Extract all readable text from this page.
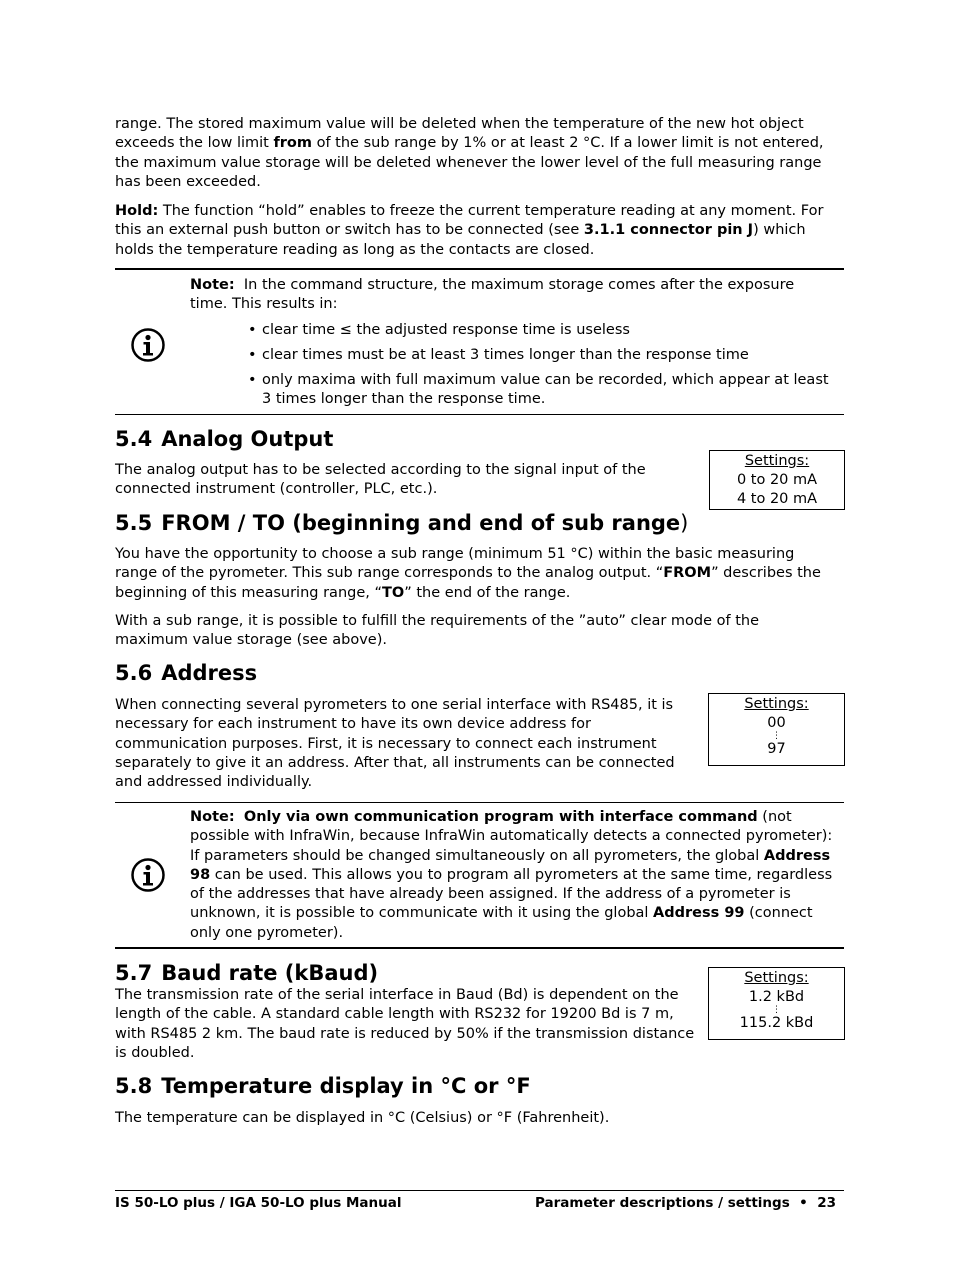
range. The stored maximum value will be deleted when the temperature of the new hot object exceeds the low limit from of the sub range by 1% or at least 2 °C. If a lower limit is not entered, the maximum value storage will be deleted whenever the lower level of the full measuring range has been exceeded.

Hold: The function “hold” enables to freeze the current temperature reading at any moment. For this an external push button or switch has to be connected (see 3.1.1 connector pin J) which holds the temperature reading as long as the contacts are closed.

Note: In the command structure, the maximum storage comes after the exposure time. This results in:

• clear time ≤ the adjusted response time is useless
• clear times must be at least 3 times longer than the response time
• only maxima with full maximum value can be recorded, which appear at least 3 times longer than the response time.
5.4 Analog Output

The analog output has to be selected according to the signal input of the connected instrument (controller, PLC, etc.).

Settings:
0 to 20 mA
4 to 20 mA
5.5 FROM / TO (beginning and end of sub range)

You have the opportunity to choose a sub range (minimum 51 °C) within the basic measuring range of the pyrometer. This sub range corresponds to the analog output. “FROM” describes the beginning of this measuring range, “TO” the end of the range.

With a sub range, it is possible to fulfill the requirements of the ”auto” clear mode of the maximum value storage (see above).

5.6 Address

When connecting several pyrometers to one serial interface with RS485, it is necessary for each instrument to have its own device address for communication purposes. First, it is necessary to connect each instrument separately to give it an address. After that, all instruments can be connected and addressed individually.

Settings:
00
⋮
97

Note: Only via own communication program with interface command (not possible with InfraWin, because InfraWin automatically detects a connected pyrometer): If parameters should be changed simultaneously on all pyrometers, the global Address 98 can be used. This allows you to program all pyrometers at the same time, regardless of the addresses that have already been assigned. If the address of a pyrometer is unknown, it is possible to communicate with it using the global Address 99 (connect only one pyrometer).

5.7 Baud rate (kBaud)

The transmission rate of the serial interface in Baud (Bd) is dependent on the length of the cable. A standard cable length with RS232 for 19200 Bd is 7 m, with RS485 2 km. The baud rate is reduced by 50% if the transmission distance is doubled.

Settings:
1.2 kBd
⋮
115.2 kBd
5.8 Temperature display in °C or °F

The temperature can be displayed in °C (Celsius) or °F (Fahrenheit).

IS 50-LO plus / IGA 50-LO plus Manual	Parameter descriptions / settings • 23
